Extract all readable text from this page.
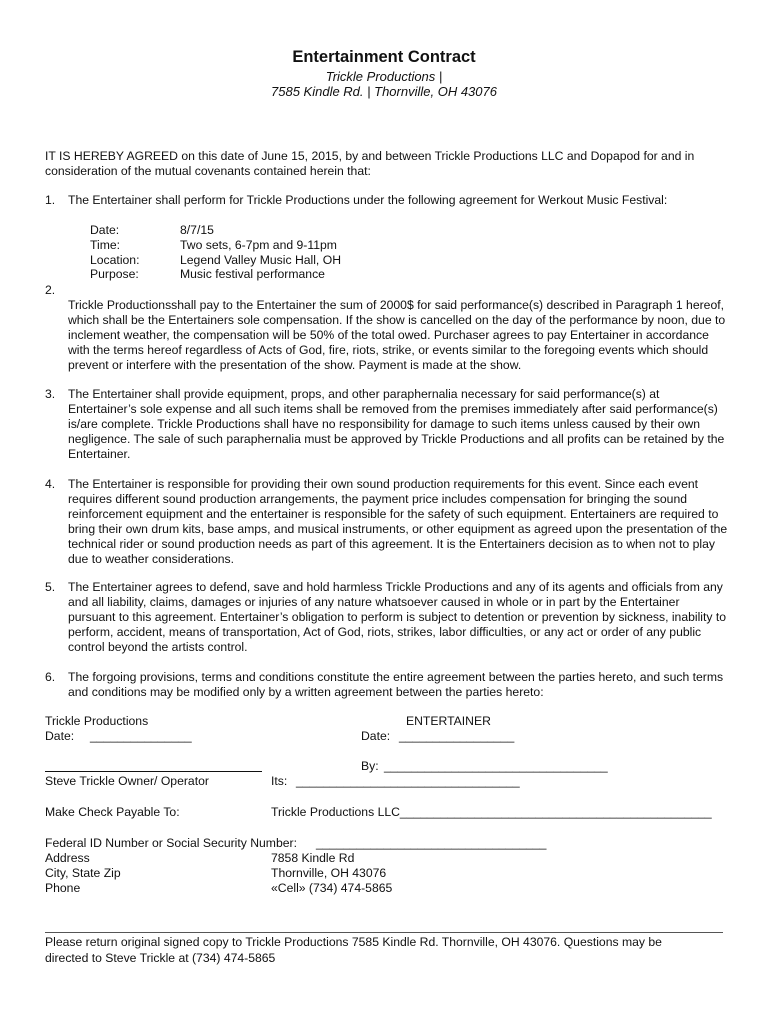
Entertainment Contract
Trickle Productions |
7585 Kindle Rd. | Thornville, OH 43076

IT IS HEREBY AGREED on this date of June 15, 2015, by and between Trickle Productions LLC and Dopapod for and in consideration of the mutual covenants contained herein that:

1. The Entertainer shall perform for Trickle Productions under the following agreement for Werkout Music Festival:
Date:	8/7/15
Time:	Two sets, 6-7pm and 9-11pm
Location:	Legend Valley Music Hall, OH
Purpose:	Music festival performance
2.
Trickle Productionsshall pay to the Entertainer the sum of 2000$ for said performance(s) described in Paragraph 1 hereof, which shall be the Entertainers sole compensation. If the show is cancelled on the day of the performance by noon, due to inclement weather, the compensation will be 50% of the total owed. Purchaser agrees to pay Entertainer in accordance with the terms hereof regardless of Acts of God, fire, riots, strike, or events similar to the foregoing events which should prevent or interfere with the presentation of the show. Payment is made at the show.
3. The Entertainer shall provide equipment, props, and other paraphernalia necessary for said performance(s) at Entertainer’s sole expense and all such items shall be removed from the premises immediately after said performance(s) is/are complete. Trickle Productions shall have no responsibility for damage to such items unless caused by their own negligence. The sale of such paraphernalia must be approved by Trickle Productions and all profits can be retained by the Entertainer.
4. The Entertainer is responsible for providing their own sound production requirements for this event. Since each event requires different sound production arrangements, the payment price includes compensation for bringing the sound reinforcement equipment and the entertainer is responsible for the safety of such equipment. Entertainers are required to bring their own drum kits, base amps, and musical instruments, or other equipment as agreed upon the presentation of the technical rider or sound production needs as part of this agreement. It is the Entertainers decision as to when not to play due to weather considerations.
5. The Entertainer agrees to defend, save and hold harmless Trickle Productions and any of its agents and officials from any and all liability, claims, damages or injuries of any nature whatsoever caused in whole or in part by the Entertainer pursuant to this agreement. Entertainer’s obligation to perform is subject to detention or prevention by sickness, inability to perform, accident, means of transportation, Act of God, riots, strikes, labor difficulties, or any act or order of any public control beyond the artists control.
6. The forgoing provisions, terms and conditions constitute the entire agreement between the parties hereto, and such terms and conditions may be modified only by a written agreement between the parties hereto:
Trickle Productions	ENTERTAINER
Date: _______________	Date: _________________
By: _________________________________
Steve Trickle Owner/ Operator	Its: _________________________________
Make Check Payable To:	Trickle Productions LLC______________________________________________
Federal ID Number or Social Security Number: __________________________________
Address	7858 Kindle Rd
City, State Zip	Thornville, OH 43076
Phone	«Cell» (734) 474-5865
Please return original signed copy to Trickle Productions 7585 Kindle Rd. Thornville, OH 43076. Questions may be
directed to Steve Trickle at (734) 474-5865
